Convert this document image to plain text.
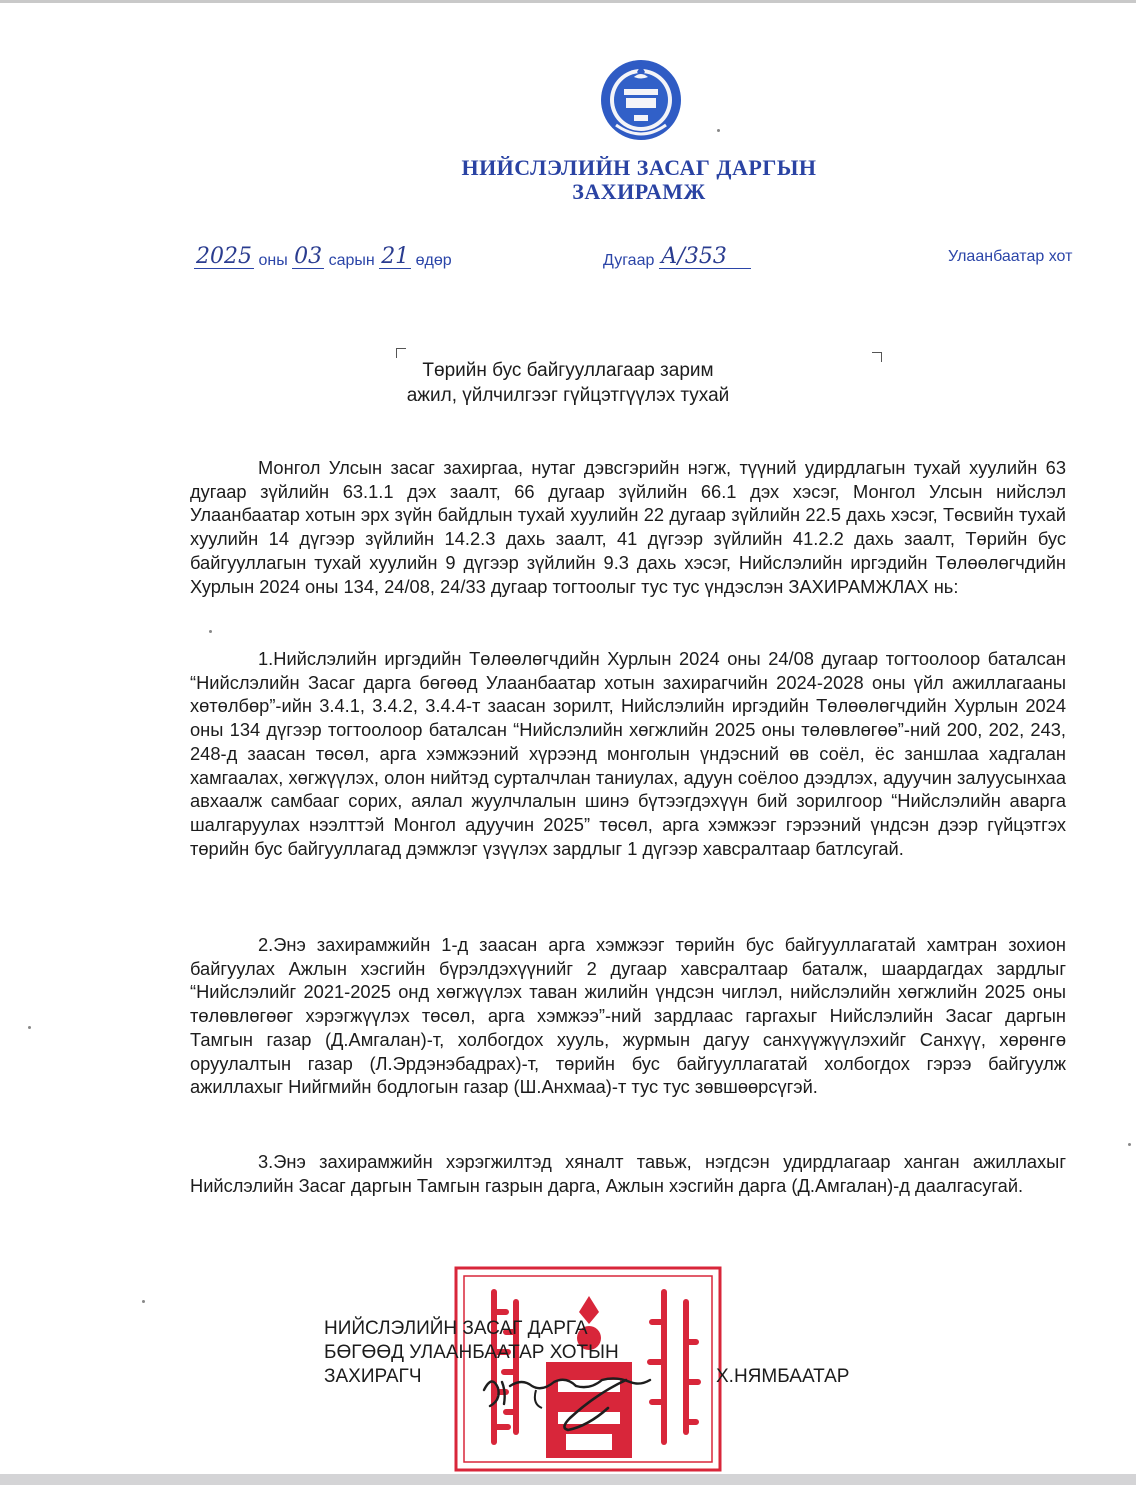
НИЙСЛЭЛИЙН ЗАСАГ ДАРГЫН
ЗАХИРАМЖ
2025 оны 03 сарын 21 өдөр	Дугаар А/353	Улаанбаатар хот
Төрийн бус байгууллагаар зарим
ажил, үйлчилгээг гүйцэтгүүлэх тухай

Монгол Улсын засаг захиргаа, нутаг дэвсгэрийн нэгж, түүний удирдлагын тухай хуулийн 63 дугаар зүйлийн 63.1.1 дэх заалт, 66 дугаар зүйлийн 66.1 дэх хэсэг, Монгол Улсын нийслэл Улаанбаатар хотын эрх зүйн байдлын тухай хуулийн 22 дугаар зүйлийн 22.5 дахь хэсэг, Төсвийн тухай хуулийн 14 дүгээр зүйлийн 14.2.3 дахь заалт, 41 дүгээр зүйлийн 41.2.2 дахь заалт, Төрийн бус байгууллагын тухай хуулийн 9 дүгээр зүйлийн 9.3 дахь хэсэг, Нийслэлийн иргэдийн Төлөөлөгчдийн Хурлын 2024 оны 134, 24/08, 24/33 дугаар тогтоолыг тус тус үндэслэн ЗАХИРАМЖЛАХ нь:

1.Нийслэлийн иргэдийн Төлөөлөгчдийн Хурлын 2024 оны 24/08 дугаар тогтоолоор баталсан “Нийслэлийн Засаг дарга бөгөөд Улаанбаатар хотын захирагчийн 2024-2028 оны үйл ажиллагааны хөтөлбөр”-ийн 3.4.1, 3.4.2, 3.4.4-т заасан зорилт, Нийслэлийн иргэдийн Төлөөлөгчдийн Хурлын 2024 оны 134 дүгээр тогтоолоор баталсан “Нийслэлийн хөгжлийн 2025 оны төлөвлөгөө”-ний 200, 202, 243, 248-д заасан төсөл, арга хэмжээний хүрээнд монголын үндэсний өв соёл, ёс заншлаа хадгалан хамгаалах, хөгжүүлэх, олон нийтэд сурталчлан таниулах, адуун соёлоо дээдлэх, адуучин залуусынхаа авхаалж самбааг сорих, аялал жуулчлалын шинэ бүтээгдэхүүн бий зорилгоор “Нийслэлийн аварга шалгаруулах нээлттэй Монгол адуучин 2025” төсөл, арга хэмжээг гэрээний үндсэн дээр гүйцэтгэх төрийн бус байгууллагад дэмжлэг үзүүлэх зардлыг 1 дүгээр хавсралтаар батлсугай.

2.Энэ захирамжийн 1-д заасан арга хэмжээг төрийн бус байгууллагатай хамтран зохион байгуулах Ажлын хэсгийн бүрэлдэхүүнийг 2 дугаар хавсралтаар баталж, шаардагдах зардлыг “Нийслэлийг 2021-2025 онд хөгжүүлэх таван жилийн үндсэн чиглэл, нийслэлийн хөгжлийн 2025 оны төлөвлөгөөг хэрэгжүүлэх төсөл, арга хэмжээ”-ний зардлаас гаргахыг Нийслэлийн Засаг даргын Тамгын газар (Д.Амгалан)-т, холбогдох хууль, журмын дагуу санхүүжүүлэхийг Санхүү, хөрөнгө оруулалтын газар (Л.Эрдэнэбадрах)-т, төрийн бус байгууллагатай холбогдох гэрээ байгуулж ажиллахыг Нийгмийн бодлогын газар (Ш.Анхмаа)-т тус тус зөвшөөрсүгэй.

3.Энэ захирамжийн хэрэгжилтэд хяналт тавьж, нэгдсэн удирдлагаар ханган ажиллахыг Нийслэлийн Засаг даргын Тамгын газрын дарга, Ажлын хэсгийн дарга (Д.Амгалан)-д даалгасугай.

НИЙСЛЭЛИЙН ЗАСАГ ДАРГА
БӨГӨӨД УЛААНБААТАР ХОТЫН
ЗАХИРАГЧ	Х.НЯМБААТАР
